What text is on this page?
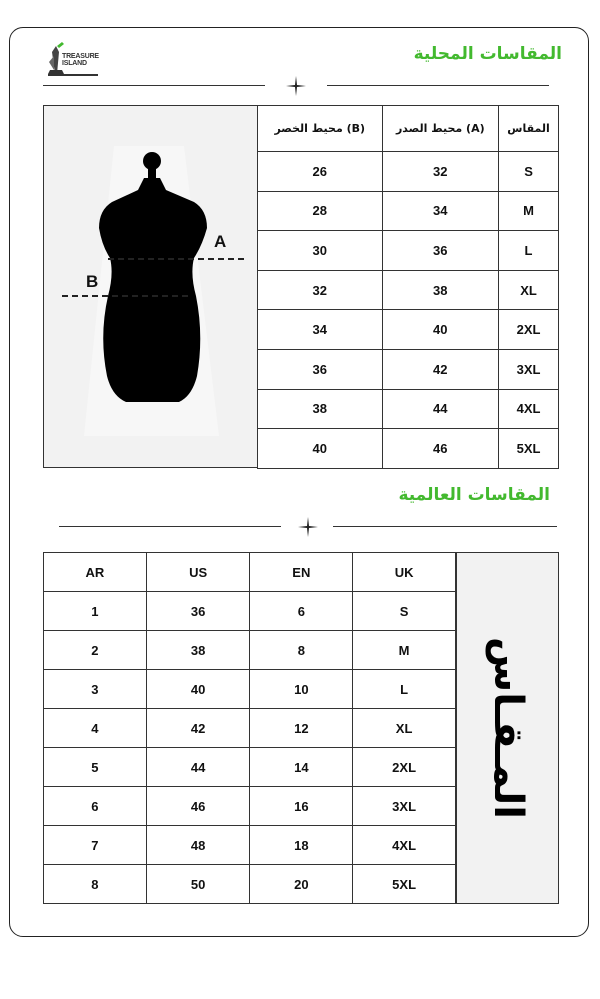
TREASURE
ISLAND	المقاسات المحلية
A
B
محيط الخصر (B)	محيط الصدر (A)	المقاس
26	32	S
28	34	M
30	36	L
32	38	XL
34	40	2XL
36	42	3XL
38	44	4XL
40	46	5XL
المقاسات العالمية
AR	US	EN	UK
1	36	6	S
2	38	8	M
3	40	10	L
4	42	12	XL
5	44	14	2XL
6	46	16	3XL
7	48	18	4XL
8	50	20	5XL
المـقـاس
